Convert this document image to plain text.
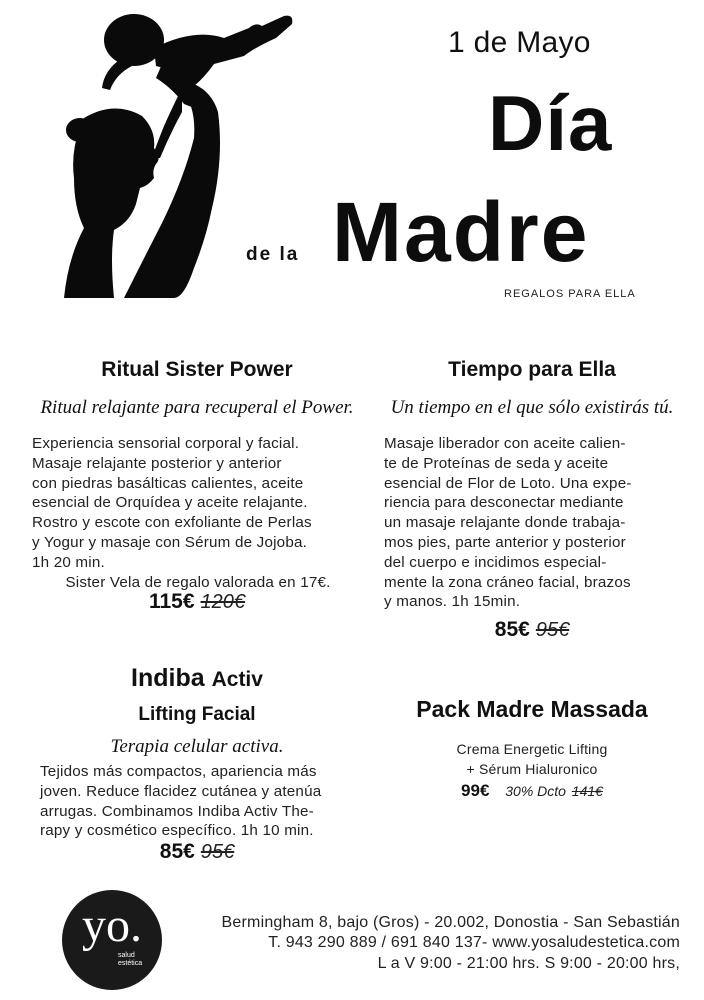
1 de Mayo
Día
de la Madre
REGALOS PARA ELLA
Ritual Sister Power
Ritual relajante para recuperal el Power.
Experiencia sensorial corporal y facial.
Masaje relajante posterior y anterior
con piedras basálticas calientes, aceite
esencial de Orquídea y aceite relajante.
Rostro y escote con exfoliante de Perlas
y Yogur y masaje con Sérum de Jojoba.
1h 20 min.
Sister Vela de regalo valorada en 17€.
115€ 120€
Tiempo para Ella
Un tiempo en el que sólo existirás tú.
Masaje liberador con aceite calien-
te de Proteínas de seda y aceite
esencial de Flor de Loto. Una expe-
riencia para desconectar mediante
un masaje relajante donde trabaja-
mos pies, parte anterior y posterior
del cuerpo e incidimos especial-
mente la zona cráneo facial, brazos
y manos. 1h 15min.
85€ 95€
Indiba Activ
Lifting Facial
Terapia celular activa.
Tejidos más compactos, apariencia más
joven. Reduce flacidez cutánea y atenúa
arrugas. Combinamos Indiba Activ The-
rapy y cosmético específico. 1h 10 min.
85€ 95€
Pack Madre Massada
Crema Energetic Lifting
+ Sérum Hialuronico
99€ 30% Dcto 141€
yo.
salud
estética
Bermingham 8, bajo (Gros) - 20.002, Donostia - San Sebastián
T. 943 290 889 / 691 840 137- www.yosaludestetica.com
L a V 9:00 - 21:00 hrs. S 9:00 - 20:00 hrs,
